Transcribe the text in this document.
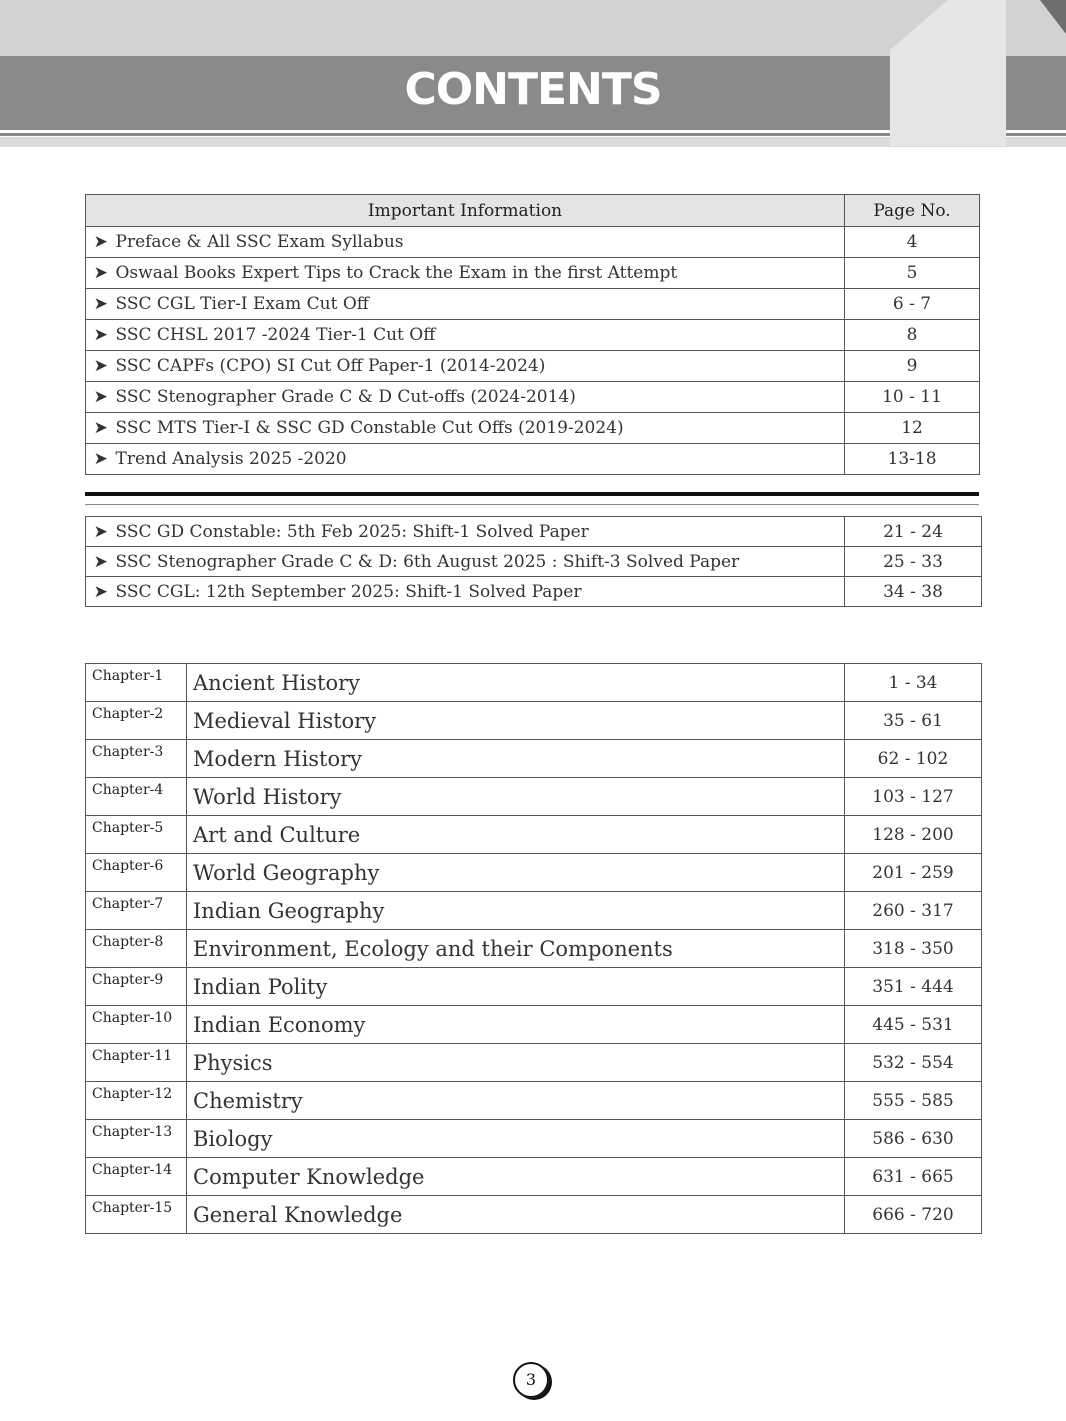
CONTENTS
Important Information		Page No.
➤	Preface & All SSC Exam Syllabus	4
➤	Oswaal Books Expert Tips to Crack the Exam in the first Attempt	5
➤	SSC CGL Tier-I Exam Cut Off	6 - 7
➤	SSC CHSL 2017 -2024 Tier-1 Cut Off	8
➤	SSC CAPFs (CPO) SI Cut Off Paper-1 (2014-2024)	9
➤	SSC Stenographer Grade C & D Cut-offs (2024-2014)	10 - 11
➤	SSC MTS Tier-I & SSC GD Constable Cut Offs (2019-2024)	12
➤	Trend Analysis 2025 -2020	13-18
➤	SSC GD Constable: 5th Feb 2025: Shift-1 Solved Paper	21 - 24
➤	SSC Stenographer Grade C & D: 6th August 2025 : Shift-3 Solved Paper	25 - 33
➤	SSC CGL: 12th September 2025: Shift-1 Solved Paper	34 - 38
Chapter-1	Ancient History	1 - 34
Chapter-2	Medieval History	35 - 61
Chapter-3	Modern History	62 - 102
Chapter-4	World History	103 - 127
Chapter-5	Art and Culture	128 - 200
Chapter-6	World Geography	201 - 259
Chapter-7	Indian Geography	260 - 317
Chapter-8	Environment, Ecology and their Components	318 - 350
Chapter-9	Indian Polity	351 - 444
Chapter-10	Indian Economy	445 - 531
Chapter-11	Physics	532 - 554
Chapter-12	Chemistry	555 - 585
Chapter-13	Biology	586 - 630
Chapter-14	Computer Knowledge	631 - 665
Chapter-15	General Knowledge	666 - 720
3
